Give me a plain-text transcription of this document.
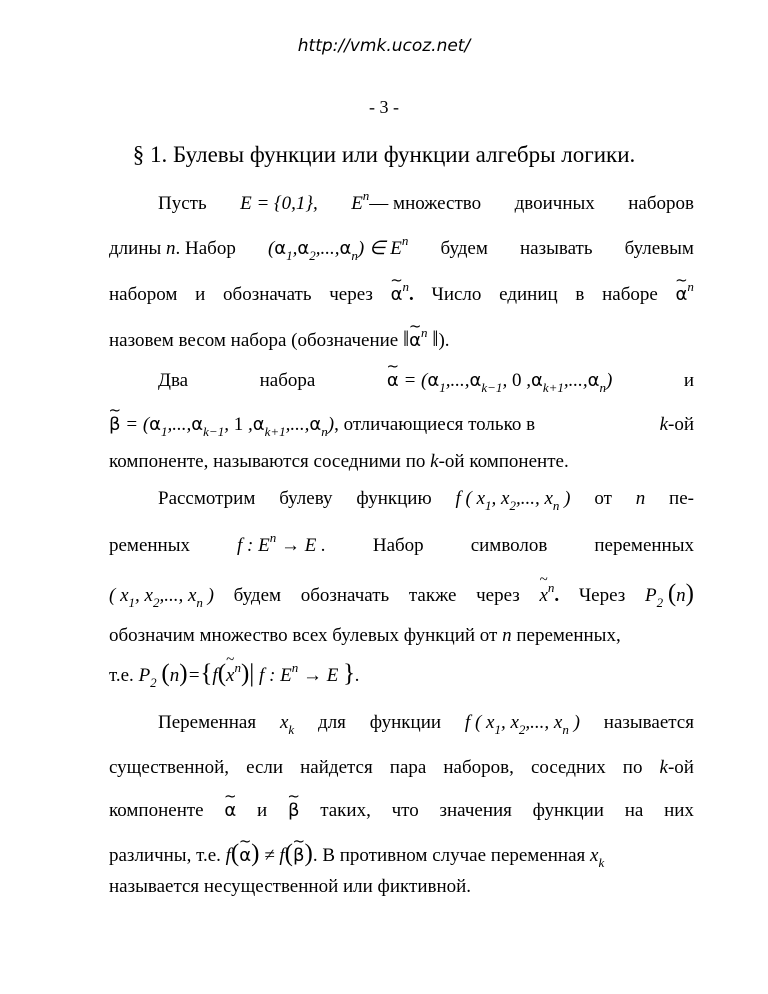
http://vmk.ucoz.net/
- 3 -
§ 1. Булевы функции или функции алгебры логики.
Пусть E = {0,1}, $E^n—$ множество двоичных наборов
длины n. Набор $(\alpha_1,\alpha_2,...,\alpha_n)$ ∈ $E^n$ будем называть булевым
набором и обозначать через ~ $\alpha^n$. Число единиц в наборе ~ $\alpha^n$
назовем весом набора (обозначение ‖~ $\alpha^n$ ‖).
Два	набора	~ $\alpha = (\alpha_1,...,\alpha_{k-1}$, 0 $,\alpha_{k+1},...,\alpha_n$)	и
~ $\beta = (\alpha_1,...,\alpha_{k-1}$, 1 $,\alpha_{k+1},...,\alpha_n$), отличающиеся только в	k-ой
компоненте, называются соседними по k-ой компоненте.
Рассмотрим булеву функцию f ( $x_1$, $x_2$,..., $x_n$ ) от n пе-
ременных f : $E^n \to E$ . Набор символов переменных
( $x_1$, $x_2$,..., $x_n$ ) будем обозначать также через ~ $x^n$. Через $P_2$ (n)
обозначим множество всех булевых функций от n переменных,
т.е. $P_2$ (n)={f(~ $x^n)|$ f : $E^n \to E$ }.
Переменная $x_k$ для функции f ( $x_1$, $x_2$,..., $x_n$ ) называется
существенной, если найдется пара наборов, соседних по k-ой
компоненте ~ α и ~ β таких, что значения функции на них
различны, т.е. f(~ α) ≠ f(~ β). В противном случае переменная $x_k$
называется несущественной или фиктивной.
